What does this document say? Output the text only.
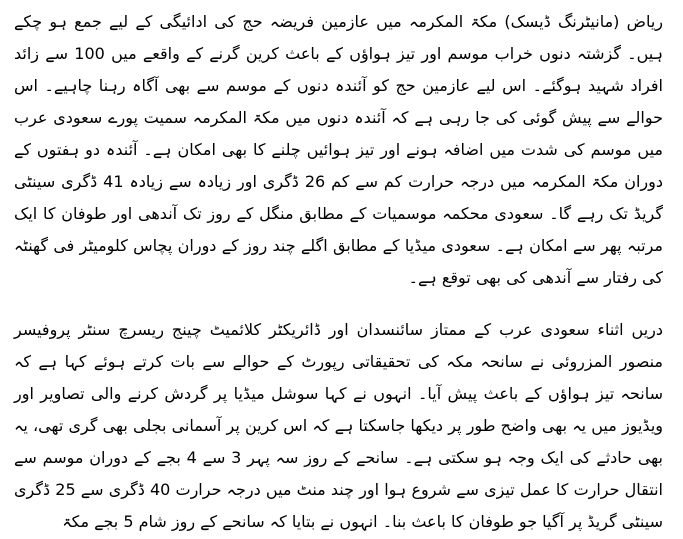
ریاض (مانیٹرنگ ڈیسک) مکۃ المکرمہ میں عازمین فریضہ حج کی ادائیگی کے لیے جمع ہو چکے ہیں۔ گزشتہ دنوں خراب موسم اور تیز ہواؤں کے باعث کرین گرنے کے واقعے میں 100 سے زائد افراد شہید ہوگئے۔ اس لیے عازمین حج کو آئندہ دنوں کے موسم سے بھی آگاہ رہنا چاہیے۔ اس حوالے سے پیش گوئی کی جا رہی ہے کہ آئندہ دنوں میں مکۃ المکرمہ سمیت پورے سعودی عرب میں موسم کی شدت میں اضافہ ہونے اور تیز ہوائیں چلنے کا بھی امکان ہے۔ آئندہ دو ہفتوں کے دوران مکۃ المکرمہ میں درجہ حرارت کم سے کم 26 ڈگری اور زیادہ سے زیادہ 41 ڈگری سینٹی گریڈ تک رہے گا۔ سعودی محکمہ موسمیات کے مطابق منگل کے روز تک آندھی اور طوفان کا ایک مرتبہ پھر سے امکان ہے۔ سعودی میڈیا کے مطابق اگلے چند روز کے دوران پچاس کلومیٹر فی گھنٹہ کی رفتار سے آندھی کی بھی توقع ہے۔

دریں اثناء سعودی عرب کے ممتاز سائنسدان اور ڈائریکٹر کلائمیٹ چینج ریسرچ سنٹر پروفیسر منصور المزروئی نے سانحہ مکہ کی تحقیقاتی رپورٹ کے حوالے سے بات کرتے ہوئے کہا ہے کہ سانحہ تیز ہواؤں کے باعث پیش آیا۔ انہوں نے کہا سوشل میڈیا پر گردش کرنے والی تصاویر اور ویڈیوز میں یہ بھی واضح طور پر دیکھا جاسکتا ہے کہ اس کرین پر آسمانی بجلی بھی گری تھی، یہ بھی حادثے کی ایک وجہ ہو سکتی ہے۔ سانحے کے روز سہ پہر 3 سے 4 بجے کے دوران موسم سے انتقال حرارت کا عمل تیزی سے شروع ہوا اور چند منٹ میں درجہ حرارت 40 ڈگری سے 25 ڈگری سینٹی گریڈ پر آگیا جو طوفان کا باعث بنا۔ انہوں نے بتایا کہ سانحے کے روز شام 5 بجے مکۃ
